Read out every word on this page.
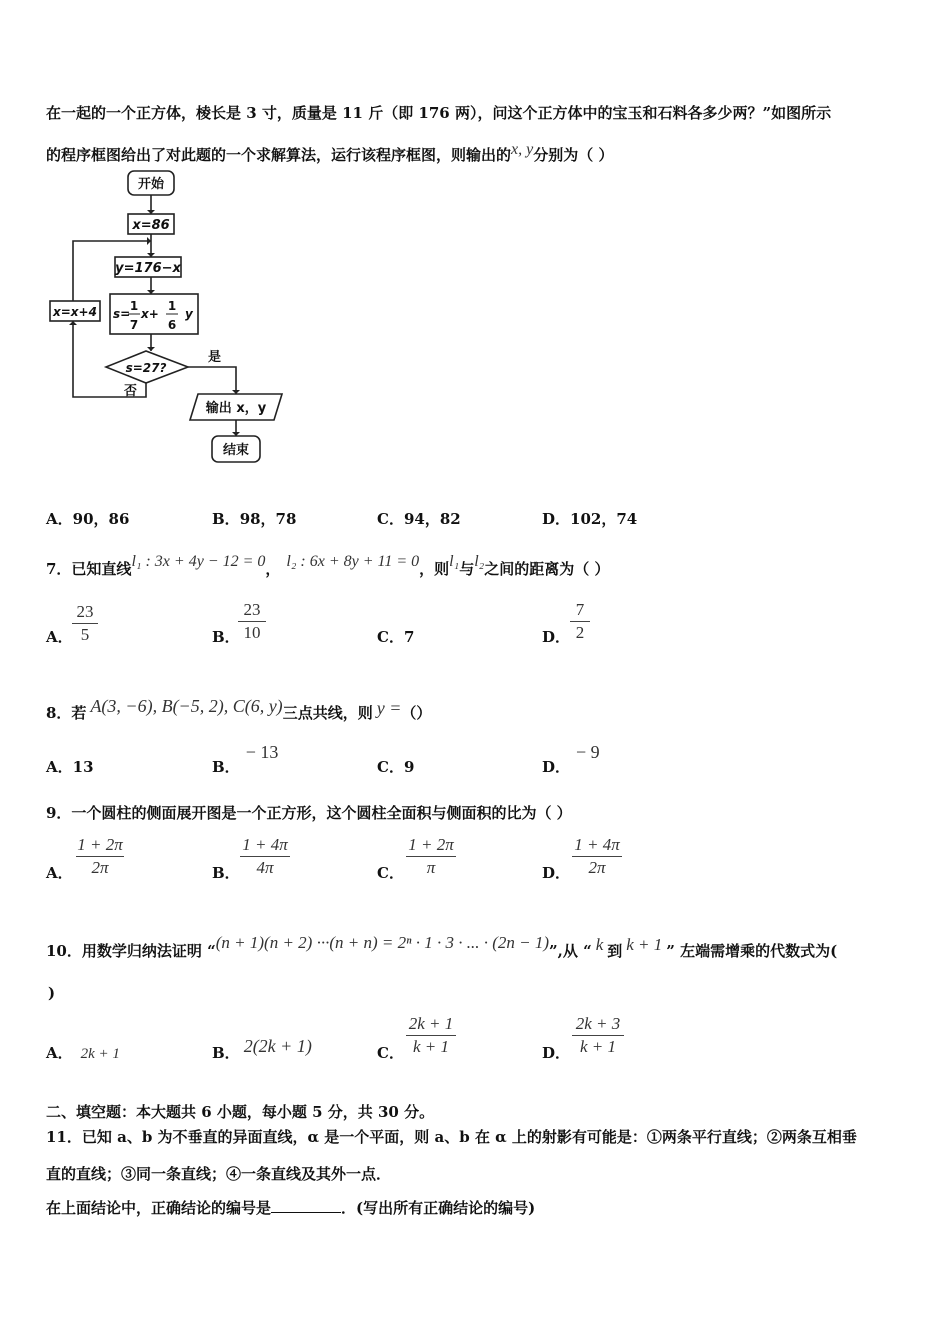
在一起的一个正方体，棱长是 3 寸，质量是 11 斤（即 176 两），问这个正方体中的宝玉和石料各多少两？”如图所示
的程序框图给出了对此题的一个求解算法，运行该程序框图，则输出的x, y分别为（ ）
开始
x=86
y=176−x
x=x+4 s=
1
7
x+
1
6
y
s=27?
是
否
输出 x，y
结束
A．90，86	B．98，78	C．94，82	D．102，74
7．已知直线l₁ : 3x + 4y − 12 = 0， l₂ : 6x + 8y + 11 = 0，则l₁与l₂之间的距离为（ ）
A．
23
5	B．
23
10	C．7	D．
7
2
8．若 A(3, −6), B(−5, 2), C(6, y)三点共线，则 y =（）
A．13	B．− 13
C．9	D．− 9
9．一个圆柱的侧面展开图是一个正方形，这个圆柱全面积与侧面积的比为（ ）
A．
1 + 2π
2π	B．
1 + 4π
4π	C．
1 + 2π
π	D．
1 + 4π
2π
10．用数学归纳法证明 “(n + 1)(n + 2) ···(n + n) = 2ⁿ · 1 · 3 · ... · (2n − 1)”,从 “ k 到 k + 1 ” 左端需增乘的代数式为(
)
A． 2k + 1	B． 2(2k + 1)	C．
2k + 1
k + 1	D．
2k + 3
k + 1
二、填空题：本大题共 6 小题，每小题 5 分，共 30 分。
11．已知 a、b 为不垂直的异面直线，α 是一个平面，则 a、b 在 α 上的射影有可能是：①两条平行直线；②两条互相垂
直的直线；③同一条直线；④一条直线及其外一点．
在上面结论中，正确结论的编号是	．(写出所有正确结论的编号)
